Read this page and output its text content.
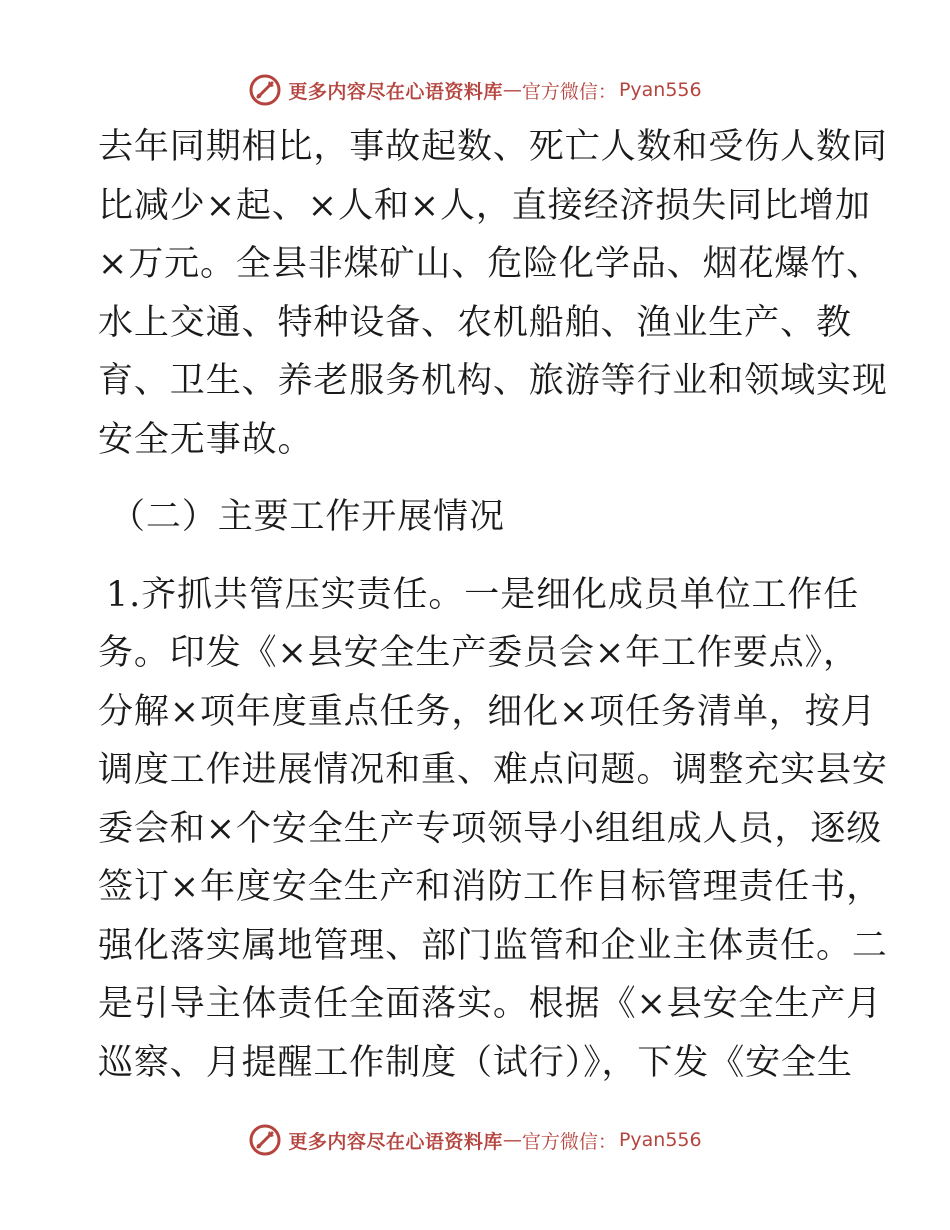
更多内容尽在心语资料库 — 官方微信： Pyan556
去年同期相比，事故起数、死亡人数和受伤人数同
比减少×起、×人和×人，直接经济损失同比增加
×万元。全县非煤矿山、危险化学品、烟花爆竹、
水上交通、特种设备、农机船舶、渔业生产、教
育、卫生、养老服务机构、旅游等行业和领域实现
安全无事故。
（二）主要工作开展情况
1.齐抓共管压实责任。一是细化成员单位工作任
务。印发《×县安全生产委员会×年工作要点》，
分解×项年度重点任务，细化×项任务清单，按月
调度工作进展情况和重、难点问题。调整充实县安
委会和×个安全生产专项领导小组组成人员，逐级
签订×年度安全生产和消防工作目标管理责任书，
强化落实属地管理、部门监管和企业主体责任。二
是引导主体责任全面落实。根据《×县安全生产月
巡察、月提醒工作制度（试行）》，下发《安全生
更多内容尽在心语资料库 — 官方微信： Pyan556
